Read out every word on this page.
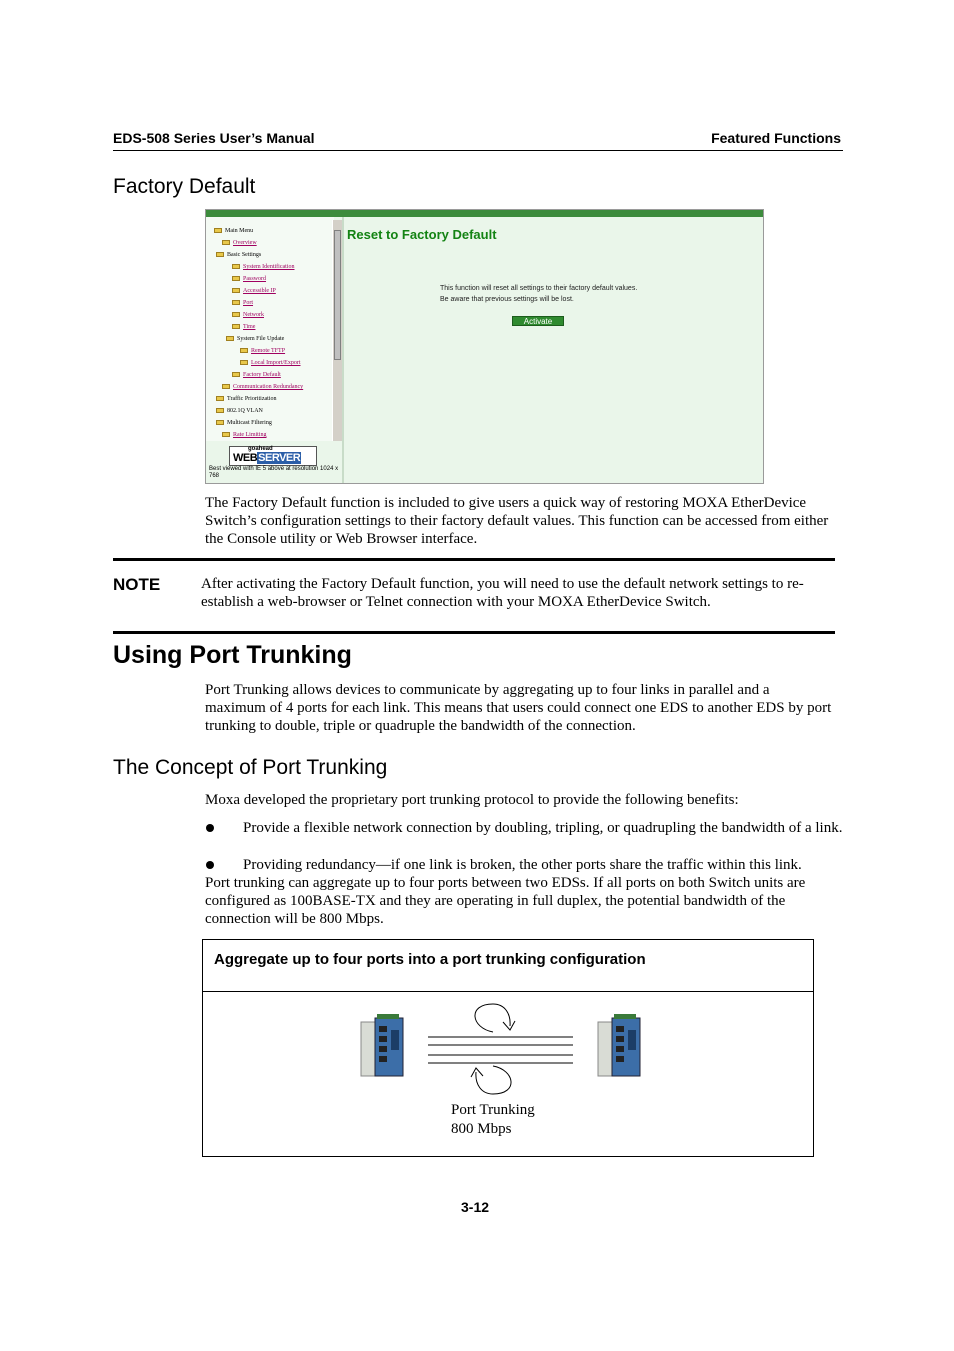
EDS-508 Series User’s Manual	Featured Functions
Factory Default
Main Menu
Overview
Basic Settings
System Identification
Password
Accessible IP
Port
Network
Time
System File Update
Remote TFTP
Local Import/Export
Factory Default
Communication Redundancy
Traffic Prioritization
802.1Q VLAN
Multicast Filtering
Rate Limiting
goahead
WEBSERVER
Best viewed with IE 5 above at resolution 1024 x 768
Reset to Factory Default
This function will reset all settings to their factory default values.
Be aware that previous settings will be lost.
Activate
The Factory Default function is included to give users a quick way of restoring MOXA EtherDevice Switch’s configuration settings to their factory default values. This function can be accessed from either the Console utility or Web Browser interface.
NOTE	After activating the Factory Default function, you will need to use the default network settings to re-establish a web-browser or Telnet connection with your MOXA EtherDevice Switch.
Using Port Trunking
Port Trunking allows devices to communicate by aggregating up to four links in parallel and a maximum of 4 ports for each link. This means that users could connect one EDS to another EDS by port trunking to double, triple or quadruple the bandwidth of the connection.
The Concept of Port Trunking
Moxa developed the proprietary port trunking protocol to provide the following benefits:
Provide a flexible network connection by doubling, tripling, or quadrupling the bandwidth of a link.
Providing redundancy—if one link is broken, the other ports share the traffic within this link.
Port trunking can aggregate up to four ports between two EDSs. If all ports on both Switch units are configured as 100BASE-TX and they are operating in full duplex, the potential bandwidth of the connection will be 800 Mbps.
Aggregate up to four ports into a port trunking configuration
Port Trunking
800 Mbps
3-12
